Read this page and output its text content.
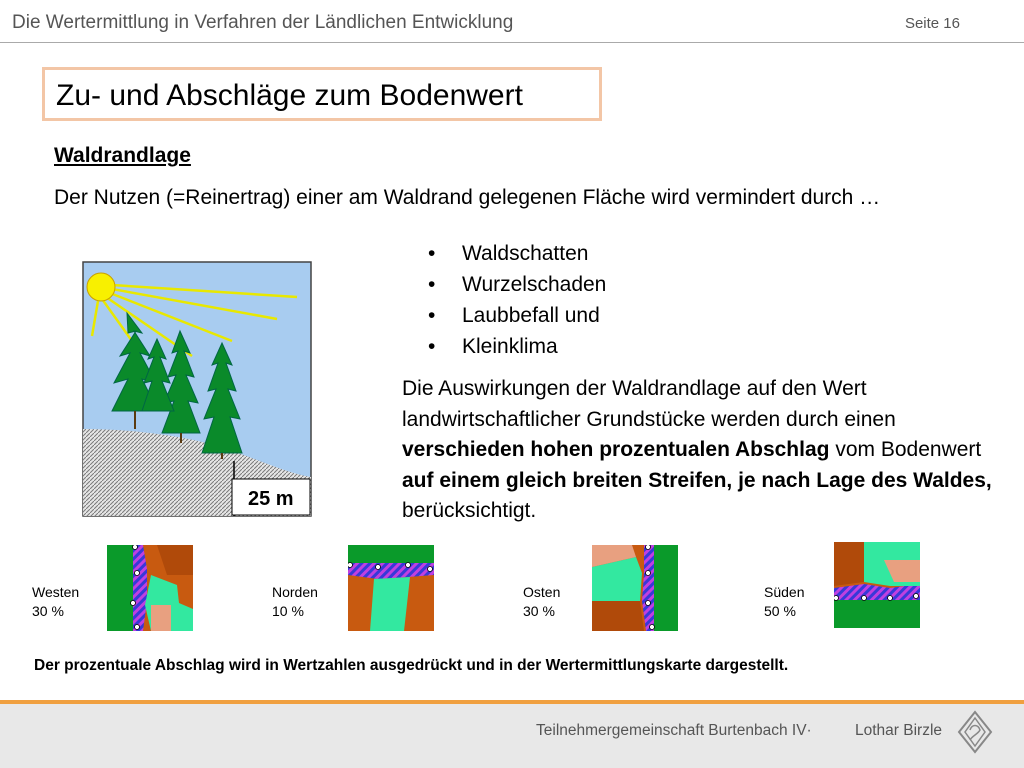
Die Wertermittlung in Verfahren der Ländlichen Entwicklung	Seite 16
Zu- und Abschläge zum Bodenwert
Waldrandlage
Der Nutzen (=Reinertrag) einer am Waldrand gelegenen Fläche wird vermindert durch …
• Waldschatten
• Wurzelschaden
• Laubbefall und
• Kleinklima
Die Auswirkungen der Waldrandlage auf den Wert landwirtschaftlicher Grundstücke werden durch einen verschieden hohen prozentualen Abschlag vom Bodenwert auf einem gleich breiten Streifen, je nach Lage des Waldes, berücksichtigt.
25 m
Westen
30 %
Norden
10 %
Osten
30 %
Süden
50 %
Der prozentuale Abschlag wird in Wertzahlen ausgedrückt und in der Wertermittlungskarte dargestellt.
Teilnehmergemeinschaft Burtenbach IV·	Lothar Birzle
